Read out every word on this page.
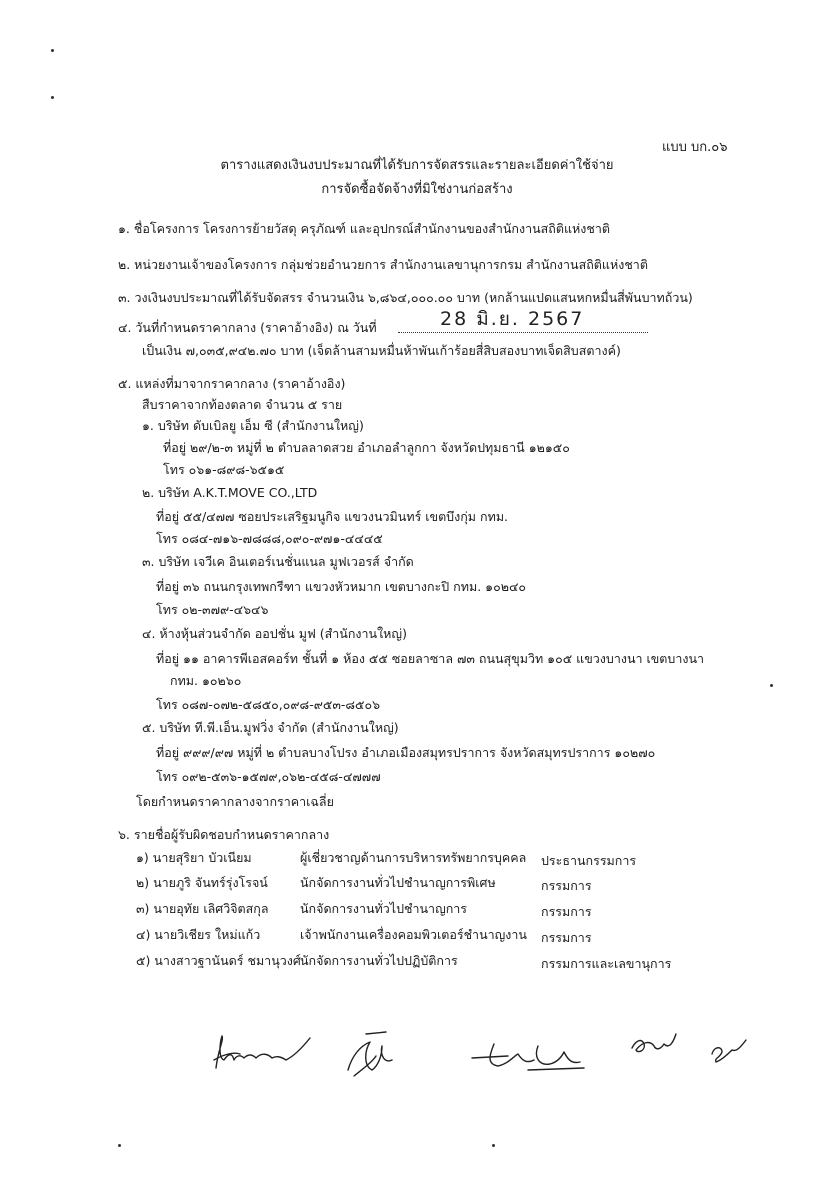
แบบ บก.๐๖
ตารางแสดงเงินงบประมาณที่ได้รับการจัดสรรและรายละเอียดค่าใช้จ่าย
การจัดซื้อจัดจ้างที่มิใช่งานก่อสร้าง
๑. ชื่อโครงการ โครงการย้ายวัสดุ ครุภัณฑ์ และอุปกรณ์สำนักงานของสำนักงานสถิติแห่งชาติ
๒. หน่วยงานเจ้าของโครงการ กลุ่มช่วยอำนวยการ สำนักงานเลขานุการกรม สำนักงานสถิติแห่งชาติ
๓. วงเงินงบประมาณที่ได้รับจัดสรร จำนวนเงิน ๖,๘๖๔,๐๐๐.๐๐ บาท (หกล้านแปดแสนหกหมื่นสี่พันบาทถ้วน)
๔. วันที่กำหนดราคากลาง (ราคาอ้างอิง) ณ วันที่	28 มิ.ย. 2567
เป็นเงิน ๗,๐๓๕,๙๔๒.๗๐ บาท (เจ็ดล้านสามหมื่นห้าพันเก้าร้อยสี่สิบสองบาทเจ็ดสิบสตางค์)
๕. แหล่งที่มาจากราคากลาง (ราคาอ้างอิง)
สืบราคาจากท้องตลาด จำนวน ๕ ราย
๑. บริษัท ดับเบิลยู เอ็ม ซี (สำนักงานใหญ่)
ที่อยู่ ๒๙/๒-๓ หมู่ที่ ๒ ตำบลลาดสวย อำเภอลำลูกกา จังหวัดปทุมธานี ๑๒๑๕๐
โทร ๐๖๑-๘๙๘-๖๕๑๕
๒. บริษัท A.K.T.MOVE CO.,LTD
ที่อยู่ ๕๕/๔๗๗ ซอยประเสริฐมนูกิจ แขวงนวมินทร์ เขตบึงกุ่ม กทม.
โทร ๐๘๔-๗๑๖-๗๘๘๘,๐๙๐-๙๗๑-๔๔๔๕
๓. บริษัท เจวีเค อินเตอร์เนชั่นแนล มูฟเวอรส์ จำกัด
ที่อยู่ ๓๖ ถนนกรุงเทพกรีฑา แขวงหัวหมาก เขตบางกะปิ กทม. ๑๐๒๔๐
โทร ๐๒-๓๗๙-๔๖๔๖
๔. ห้างหุ้นส่วนจำกัด ออปชั่น มูฟ (สำนักงานใหญ่)
ที่อยู่ ๑๑ อาคารพีเอสคอร์ท ชั้นที่ ๑ ห้อง ๕๕ ซอยลาซาล ๗๓ ถนนสุขุมวิท ๑๐๕ แขวงบางนา เขตบางนา
กทม. ๑๐๒๖๐
โทร ๐๘๗-๐๗๒-๕๘๕๐,๐๙๘-๙๕๓-๘๕๐๖
๕. บริษัท ที.พี.เอ็น.มูฟวิ่ง จำกัด (สำนักงานใหญ่)
ที่อยู่ ๙๙๙/๙๗ หมู่ที่ ๒ ตำบลบางโปรง อำเภอเมืองสมุทรปราการ จังหวัดสมุทรปราการ ๑๐๒๗๐
โทร ๐๙๒-๕๓๖-๑๕๗๙,๐๖๒-๔๕๘-๔๗๗๗
โดยกำหนดราคากลางจากราคาเฉลี่ย
๖. รายชื่อผู้รับผิดชอบกำหนดราคากลาง
๑) นายสุริยา บัวเนียม	ผู้เชี่ยวชาญด้านการบริหารทรัพยากรบุคคล	ประธานกรรมการ
๒) นายภูริ จันทร์รุ่งโรจน์	นักจัดการงานทั่วไปชำนาญการพิเศษ	กรรมการ
๓) นายอุทัย เลิศวิจิตสกุล	นักจัดการงานทั่วไปชำนาญการ	กรรมการ
๔) นายวิเชียร ใหม่แก้ว	เจ้าพนักงานเครื่องคอมพิวเตอร์ชำนาญงาน	กรรมการ
๕) นางสาวฐานันดร์ ชมานุวงศ์ นักจัดการงานทั่วไปปฏิบัติการ	กรรมการและเลขานุการ
